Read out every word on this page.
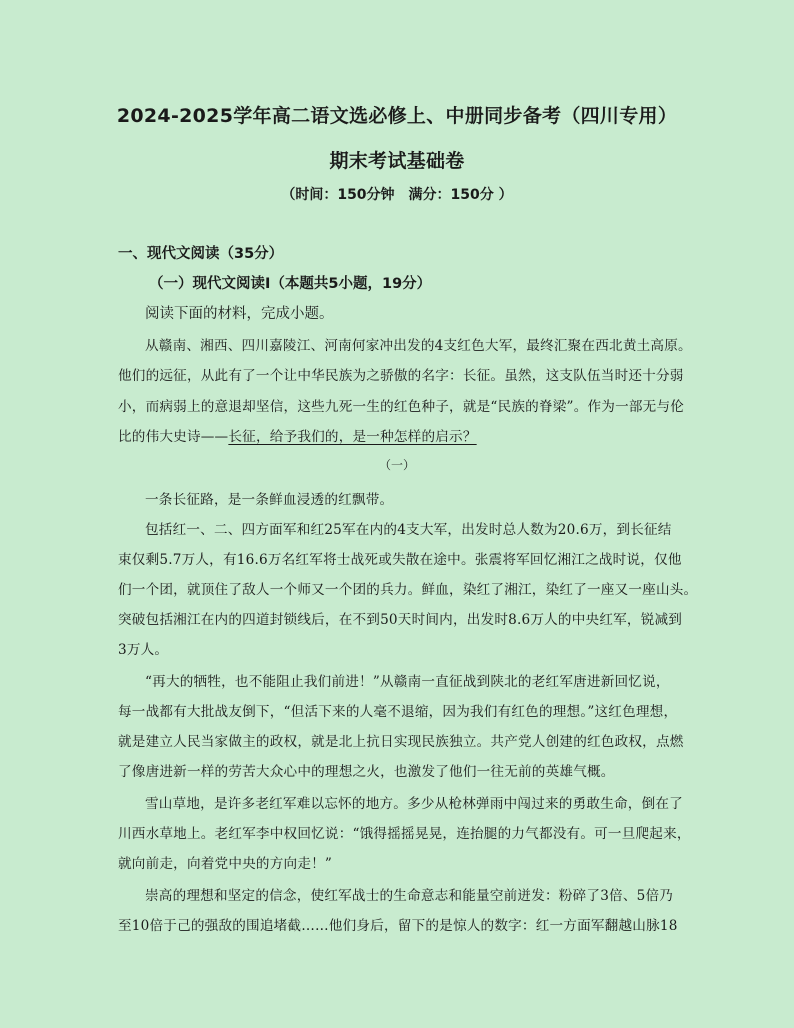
2024-2025学年高二语文选必修上、中册同步备考（四川专用）
期末考试基础卷
（时间：150分钟　满分：150分 ）
一、现代文阅读（35分）
（一）现代文阅读Ⅰ（本题共5小题，19分）
阅读下面的材料，完成小题。
从赣南、湘西、四川嘉陵江、河南何家冲出发的4支红色大军，最终汇聚在西北黄土高原。
他们的远征，从此有了一个让中华民族为之骄傲的名字：长征。虽然，这支队伍当时还十分弱
小，而病弱上的意退却坚信，这些九死一生的红色种子，就是“民族的脊梁”。作为一部无与伦
比的伟大史诗——长征，给予我们的，是一种怎样的启示？
（一）
一条长征路，是一条鲜血浸透的红飘带。
包括红一、二、四方面军和红25军在内的4支大军，出发时总人数为20.6万，到长征结
束仅剩5.7万人，有16.6万名红军将士战死或失散在途中。张震将军回忆湘江之战时说，仅他
们一个团，就顶住了敌人一个师又一个团的兵力。鲜血，染红了湘江，染红了一座又一座山头。
突破包括湘江在内的四道封锁线后，在不到50天时间内，出发时8.6万人的中央红军，锐减到
3万人。
“再大的牺牲，也不能阻止我们前进！”从赣南一直征战到陕北的老红军唐进新回忆说，
每一战都有大批战友倒下，“但活下来的人毫不退缩，因为我们有红色的理想。”这红色理想，
就是建立人民当家做主的政权，就是北上抗日实现民族独立。共产党人创建的红色政权，点燃
了像唐进新一样的劳苦大众心中的理想之火，也激发了他们一往无前的英雄气概。
雪山草地，是许多老红军难以忘怀的地方。多少从枪林弹雨中闯过来的勇敢生命，倒在了
川西水草地上。老红军李中权回忆说：“饿得摇摇晃晃，连抬腿的力气都没有。可一旦爬起来，
就向前走，向着党中央的方向走！”
崇高的理想和坚定的信念，使红军战士的生命意志和能量空前迸发：粉碎了3倍、5倍乃
至10倍于己的强敌的围追堵截……他们身后，留下的是惊人的数字：红一方面军翻越山脉18
